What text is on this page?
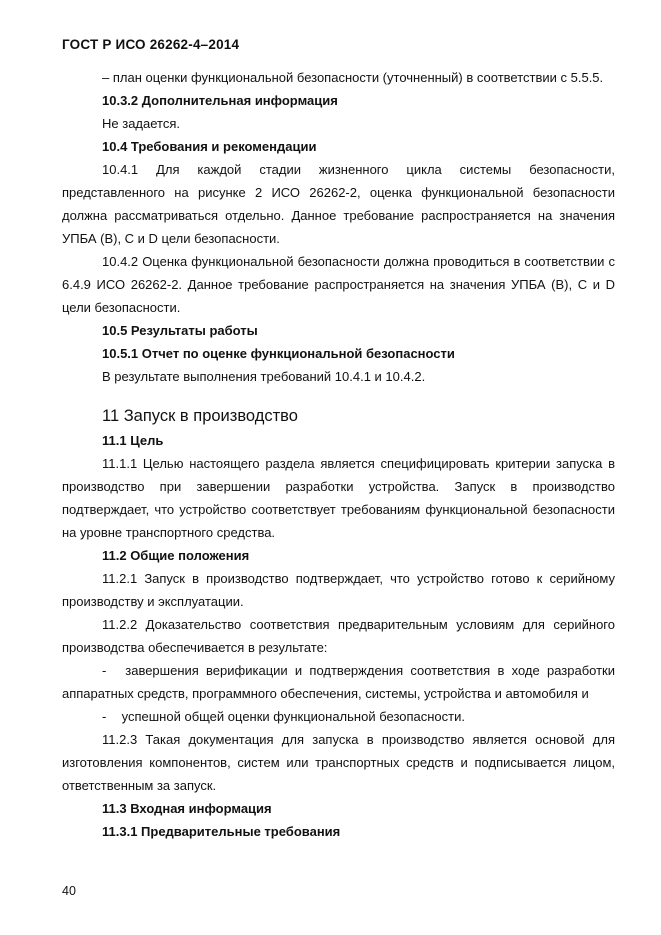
ГОСТ Р ИСО 26262-4–2014

– план оценки функциональной безопасности (уточненный) в соответствии с 5.5.5.

10.3.2 Дополнительная информация

Не задается.

10.4 Требования и рекомендации

10.4.1 Для каждой стадии жизненного цикла системы безопасности, представленного на рисунке 2 ИСО 26262-2, оценка функциональной безопасности должна рассматриваться отдельно. Данное требование распространяется на значения УПБА (B), C и D цели безопасности.

10.4.2 Оценка функциональной безопасности должна проводиться в соответствии с 6.4.9 ИСО 26262-2. Данное требование распространяется на значения УПБА (B), C и D цели безопасности.

10.5 Результаты работы

10.5.1 Отчет по оценке функциональной безопасности

В результате выполнения требований 10.4.1 и 10.4.2.

11 Запуск в производство

11.1 Цель

11.1.1 Целью настоящего раздела является специфицировать критерии запуска в производство при завершении разработки устройства. Запуск в производство подтверждает, что устройство соответствует требованиям функциональной безопасности на уровне транспортного средства.

11.2 Общие положения

11.2.1 Запуск в производство подтверждает, что устройство готово к серийному производству и эксплуатации.

11.2.2 Доказательство соответствия предварительным условиям для серийного производства обеспечивается в результате:

- завершения верификации и подтверждения соответствия в ходе разработки аппаратных средств, программного обеспечения, системы, устройства и автомобиля и

- успешной общей оценки функциональной безопасности.

11.2.3 Такая документация для запуска в производство является основой для изготовления компонентов, систем или транспортных средств и подписывается лицом, ответственным за запуск.

11.3 Входная информация

11.3.1 Предварительные требования

40
